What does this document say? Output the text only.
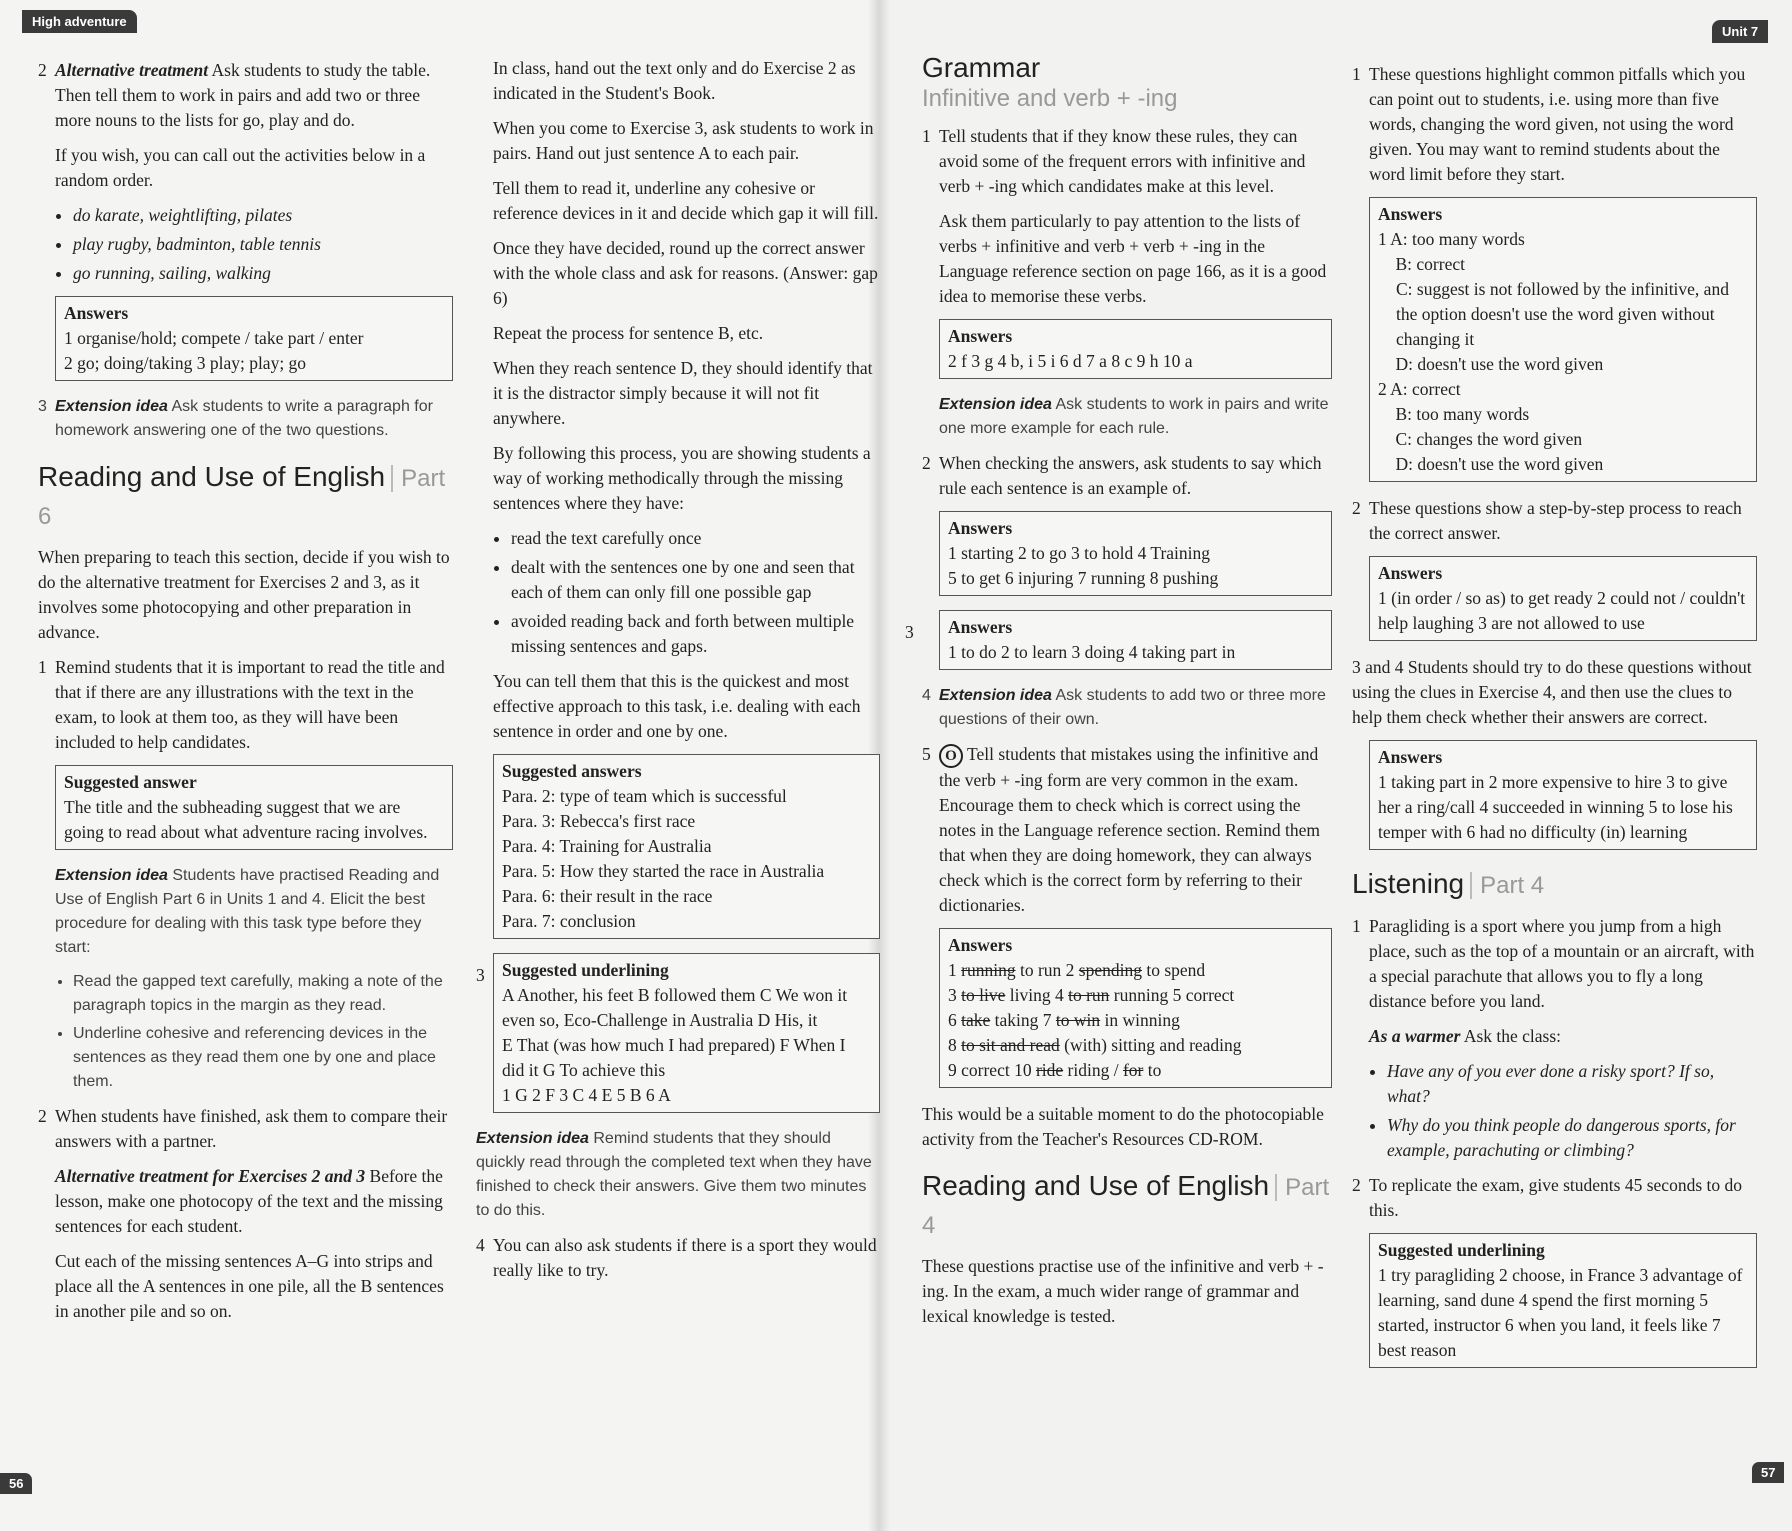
High adventure
Unit 7
56
57

2 Alternative treatment Ask students to study the table. Then tell them to work in pairs and add two or three more nouns to the lists for go, play and do.

If you wish, you can call out the activities below in a random order.

• do karate, weightlifting, pilates
• play rugby, badminton, table tennis
• go running, sailing, walking
Answers
1 organise/hold; compete / take part / enter
2 go; doing/taking 3 play; play; go

3 Extension idea Ask students to write a paragraph for homework answering one of the two questions.

Reading and Use of English Part 6

When preparing to teach this section, decide if you wish to do the alternative treatment for Exercises 2 and 3, as it involves some photocopying and other preparation in advance.

1 Remind students that it is important to read the title and that if there are any illustrations with the text in the exam, to look at them too, as they will have been included to help candidates.

Suggested answer
The title and the subheading suggest that we are going to read about what adventure racing involves.

Extension idea Students have practised Reading and Use of English Part 6 in Units 1 and 4. Elicit the best procedure for dealing with this task type before they start:

• Read the gapped text carefully, making a note of the paragraph topics in the margin as they read.
• Underline cohesive and referencing devices in the sentences as they read them one by one and place them.

2 When students have finished, ask them to compare their answers with a partner.

Alternative treatment for Exercises 2 and 3 Before the lesson, make one photocopy of the text and the missing sentences for each student.

Cut each of the missing sentences A–G into strips and place all the A sentences in one pile, all the B sentences in another pile and so on.

In class, hand out the text only and do Exercise 2 as indicated in the Student's Book.

When you come to Exercise 3, ask students to work in pairs. Hand out just sentence A to each pair.

Tell them to read it, underline any cohesive or reference devices in it and decide which gap it will fill.

Once they have decided, round up the correct answer with the whole class and ask for reasons. (Answer: gap 6)

Repeat the process for sentence B, etc.

When they reach sentence D, they should identify that it is the distractor simply because it will not fit anywhere.

By following this process, you are showing students a way of working methodically through the missing sentences where they have:

• read the text carefully once
• dealt with the sentences one by one and seen that each of them can only fill one possible gap
• avoided reading back and forth between multiple missing sentences and gaps.

You can tell them that this is the quickest and most effective approach to this task, i.e. dealing with each sentence in order and one by one.

Suggested answers
Para. 2: type of team which is successful
Para. 3: Rebecca's first race
Para. 4: Training for Australia
Para. 5: How they started the race in Australia
Para. 6: their result in the race
Para. 7: conclusion
3 Suggested underlining
A Another, his feet B followed them C We won it even so, Eco-Challenge in Australia D His, it
E That (was how much I had prepared) F When I did it G To achieve this
1 G 2 F 3 C 4 E 5 B 6 A

Extension idea Remind students that they should quickly read through the completed text when they have finished to check their answers. Give them two minutes to do this.

4 You can also ask students if there is a sport they would really like to try.

Grammar
Infinitive and verb + -ing

1 Tell students that if they know these rules, they can avoid some of the frequent errors with infinitive and verb + -ing which candidates make at this level.

Ask them particularly to pay attention to the lists of verbs + infinitive and verb + verb + -ing in the Language reference section on page 166, as it is a good idea to memorise these verbs.

Answers
2 f 3 g 4 b, i 5 i 6 d 7 a 8 c 9 h 10 a

Extension idea Ask students to work in pairs and write one more example for each rule.

2 When checking the answers, ask students to say which rule each sentence is an example of.

Answers
1 starting 2 to go 3 to hold 4 Training
5 to get 6 injuring 7 running 8 pushing
3	Answers
1 to do 2 to learn 3 doing 4 taking part in

4 Extension idea Ask students to add two or three more questions of their own.

5 O Tell students that mistakes using the infinitive and the verb + -ing form are very common in the exam. Encourage them to check which is correct using the notes in the Language reference section. Remind them that when they are doing homework, they can always check which is the correct form by referring to their dictionaries.

Answers
1 running to run 2 spending to spend
3 to live living 4 to run running 5 correct
6 take taking 7 to win in winning
8 to sit and read (with) sitting and reading
9 correct 10 ride riding / for to

This would be a suitable moment to do the photocopiable activity from the Teacher's Resources CD-ROM.

Reading and Use of English Part 4

These questions practise use of the infinitive and verb + -ing. In the exam, a much wider range of grammar and lexical knowledge is tested.

1 These questions highlight common pitfalls which you can point out to students, i.e. using more than five words, changing the word given, not using the word given. You may want to remind students about the word limit before they start.

Answers
1 A: too many words
B: correct
C: suggest is not followed by the infinitive, and the option doesn't use the word given without changing it
D: doesn't use the word given
2 A: correct
B: too many words
C: changes the word given
D: doesn't use the word given

2 These questions show a step-by-step process to reach the correct answer.

Answers
1 (in order / so as) to get ready 2 could not / couldn't help laughing 3 are not allowed to use

3 and 4 Students should try to do these questions without using the clues in Exercise 4, and then use the clues to help them check whether their answers are correct.

Answers
1 taking part in 2 more expensive to hire 3 to give her a ring/call 4 succeeded in winning 5 to lose his temper with 6 had no difficulty (in) learning
Listening Part 4

1 Paragliding is a sport where you jump from a high place, such as the top of a mountain or an aircraft, with a special parachute that allows you to fly a long distance before you land.

As a warmer Ask the class:

• Have any of you ever done a risky sport? If so, what?
• Why do you think people do dangerous sports, for example, parachuting or climbing?

2 To replicate the exam, give students 45 seconds to do this.

Suggested underlining
1 try paragliding 2 choose, in France 3 advantage of learning, sand dune 4 spend the first morning 5 started, instructor 6 when you land, it feels like 7 best reason
